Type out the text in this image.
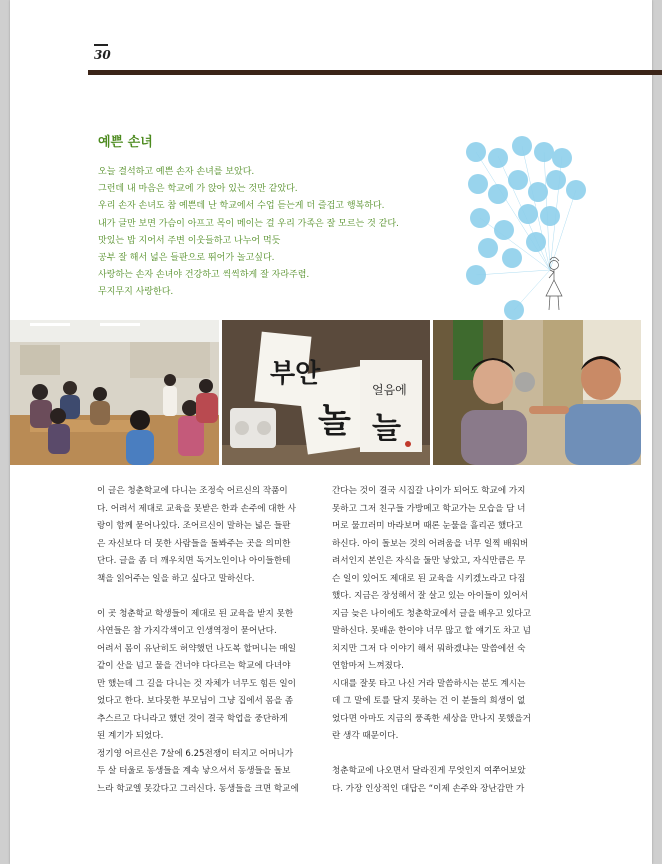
30
예쁜 손녀
오늘 결석하고 예쁜 손자 손녀를 보았다.
그런데 내 마음은 학교에 가 앉아 있는 것만 같았다.
우리 손자 손녀도 참 예쁜데 난 학교에서 수업 듣는게 더 즐겁고 행복하다.
내가 글만 보면 가슴이 아프고 목이 메이는 걸 우리 가족은 잘 모르는 것 같다.
맛있는 밥 지어서 주변 이웃들하고 나누어 먹듯
공부 잘 해서 넓은 들판으로 뛰어가 놀고싶다.
사랑하는 손자 손녀야 건강하고 씩씩하게 잘 자라주렴.
무지무지 사랑한다.
부안
놀
얼음에
늘
이 글은 청춘학교에 다니는 조정숙 어르신의 작품이
다. 어려서 제대로 교육을 못받은 한과 손주에 대한 사
랑이 함께 묻어나있다. 조어르신이 말하는 넓은 들판
은 자신보다 더 못한 사람들을 돌봐주는 곳을 의미한
단다. 글을 좀 더 깨우치면 독거노인이나 아이들한테
책을 읽어주는 일을 하고 싶다고 말하신다.
이 곳 청춘학교 학생들이 제대로 된 교육을 받지 못한
사연들은 참 가지각색이고 인생역정이 묻어난다.
어려서 몸이 유난히도 허약했던 나도복 할머니는 매일
같이 산을 넘고 물을 건너야 다다르는 학교에 다녀야
만 했는데 그 길을 다니는 것 자체가 너무도 힘든 일이
었다고 한다. 보다못한 부모님이 그냥 집에서 몸을 좀
추스르고 다니라고 했던 것이 결국 학업을 중단하게
된 계기가 되었다.
정기영 어르신은 7살에 6.25전쟁이 터지고 어머니가
두 살 터울로 동생들을 계속 낳으셔서 동생들을 돌보
느라 학교엘 못갔다고 그러신다. 동생들을 크면 학교에
간다는 것이 결국 시집갈 나이가 되어도 학교에 가지
못하고 그저 친구들 가방메고 학교가는 모습을 담 너
머로 물끄러미 바라보며 때론 눈물을 흘리곤 했다고
하신다. 아이 돌보는 것의 어려움을 너무 일찍 배워버
려서인지 본인은 자식을 둘만 낳았고, 자식만큼은 무
슨 일이 있어도 제대로 된 교육을 시키겠노라고 다짐
했다. 지금은 장성해서 잘 살고 있는 아이들이 있어서
지금 늦은 나이에도 청춘학교에서 글을 배우고 있다고
말하신다. 못배운 한이야 너무 많고 할 얘기도 차고 넘
치지만 그저 다 이야기 해서 뭐하겠냐는 말씀에선 숙
연함마저 느껴졌다.
시대를 잘못 타고 나신 거라 말씀하시는 분도 계시는
데 그 말에 토를 달지 못하는 건 이 분들의 희생이 없
었다면 아마도 지금의 풍족한 세상을 만나지 못했을거
란 생각 때문이다.
청춘학교에 나오면서 달라진게 무엇인지 여쭈어보았
다. 가장 인상적인 대답은 “이제 손주와 장난감만 가
